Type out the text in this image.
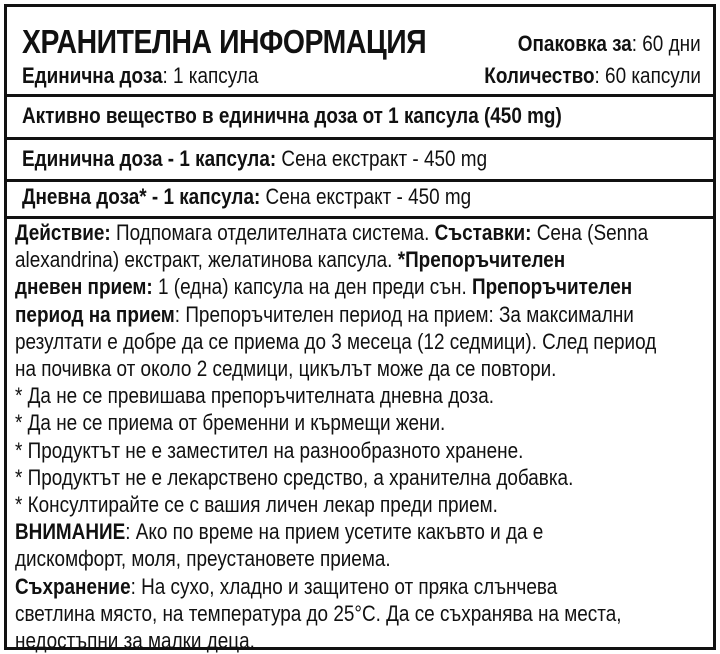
ХРАНИТЕЛНА ИНФОРМАЦИЯ	Опаковка за: 60 дни
Единична доза: 1 капсула	Количество: 60 капсули
Активно вещество в единична доза от 1 капсула (450 mg)
Единична доза - 1 капсула: Сена екстракт - 450 mg
Дневна доза* - 1 капсула: Сена екстракт - 450 mg

Действие: Подпомага отделителната система. Съставки: Сена (Senna

alexandrina) екстракт, желатинова капсула. *Препоръчителен

дневен прием: 1 (една) капсула на ден преди сън. Препоръчителен

период на прием: Препоръчителен период на прием: За максимални

резултати е добре да се приема до 3 месеца (12 седмици). След период

на почивка от около 2 седмици, цикълът може да се повтори.

* Да не се превишава препоръчителната дневна доза.

* Да не се приема от бременни и кърмещи жени.

* Продуктът не е заместител на разнообразното хранене.

* Продуктът не е лекарствено средство, а хранителна добавка.

* Консултирайте се с вашия личен лекар преди прием.

ВНИМАНИЕ: Ако по време на прием усетите какъвто и да е

дискомфорт, моля, преустановете приема.

Съхранение: На сухо, хладно и защитено от пряка слънчева

светлина място, на температура до 25°C. Да се съхранява на места,

недостъпни за малки деца.
